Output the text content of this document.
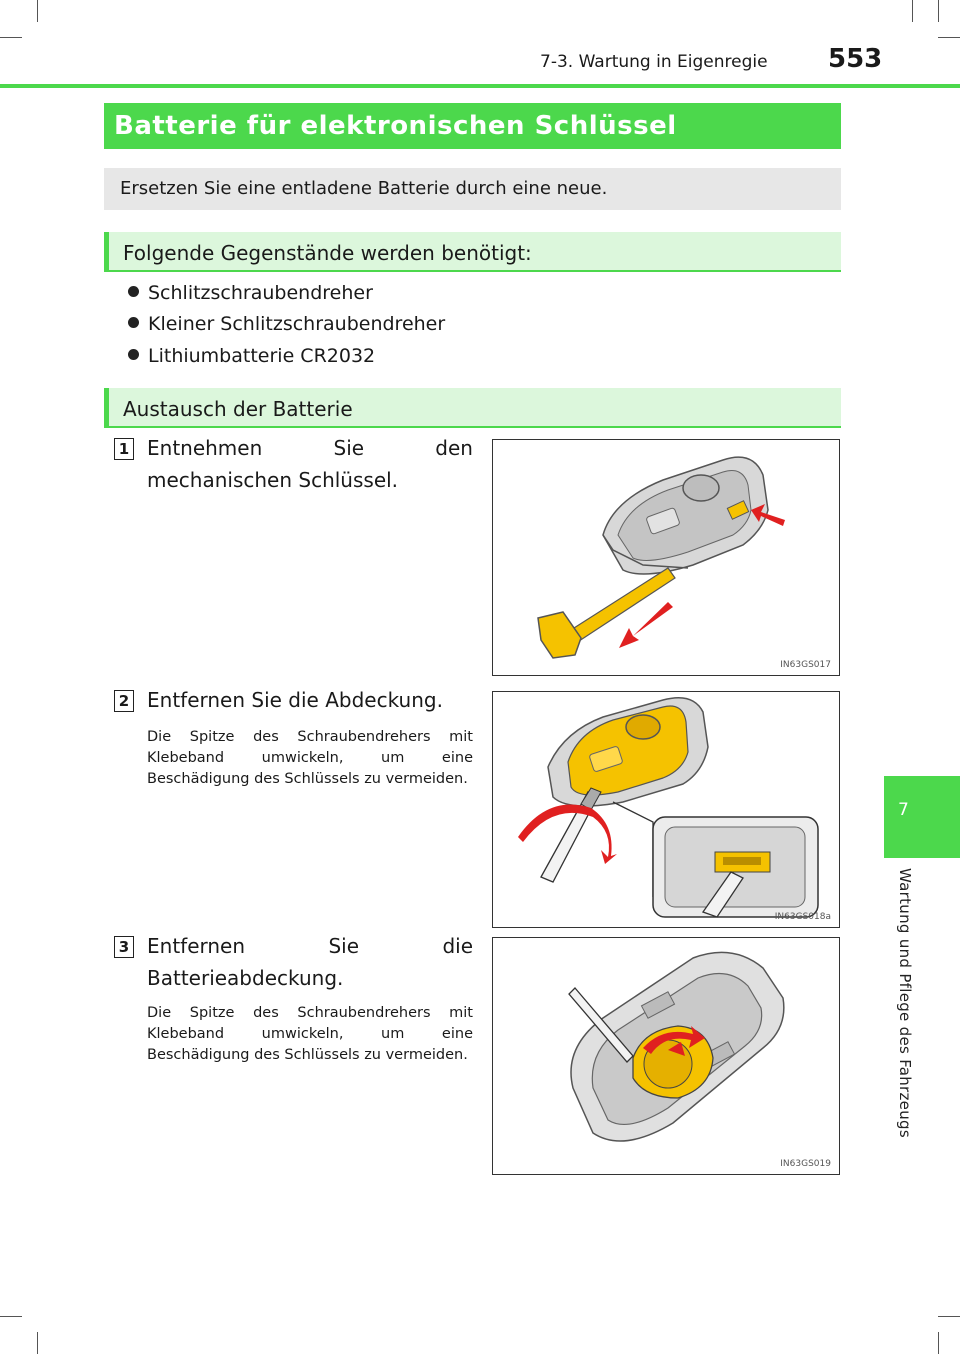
7-3. Wartung in Eigenregie 553
7
Wartung und Pflege des Fahrzeugs
Batterie für elektronischen Schlüssel
Ersetzen Sie eine entladene Batterie durch eine neue.
Folgende Gegenstände werden benötigt:
Schlitzschraubendreher
Kleiner Schlitzschraubendreher
Lithiumbatterie CR2032
Austausch der Batterie
1 Entnehmen Sie den mechanischen Schlüssel.
IN63GS017
2 Entfernen Sie die Abdeckung.
Die Spitze des Schraubendrehers mit Klebeband umwickeln, um eine Beschädigung des Schlüssels zu vermeiden.
IN63GS018a
3 Entfernen Sie die Batterieabdeckung.
Die Spitze des Schraubendrehers mit Klebeband umwickeln, um eine Beschädigung des Schlüssels zu vermeiden.
IN63GS019
